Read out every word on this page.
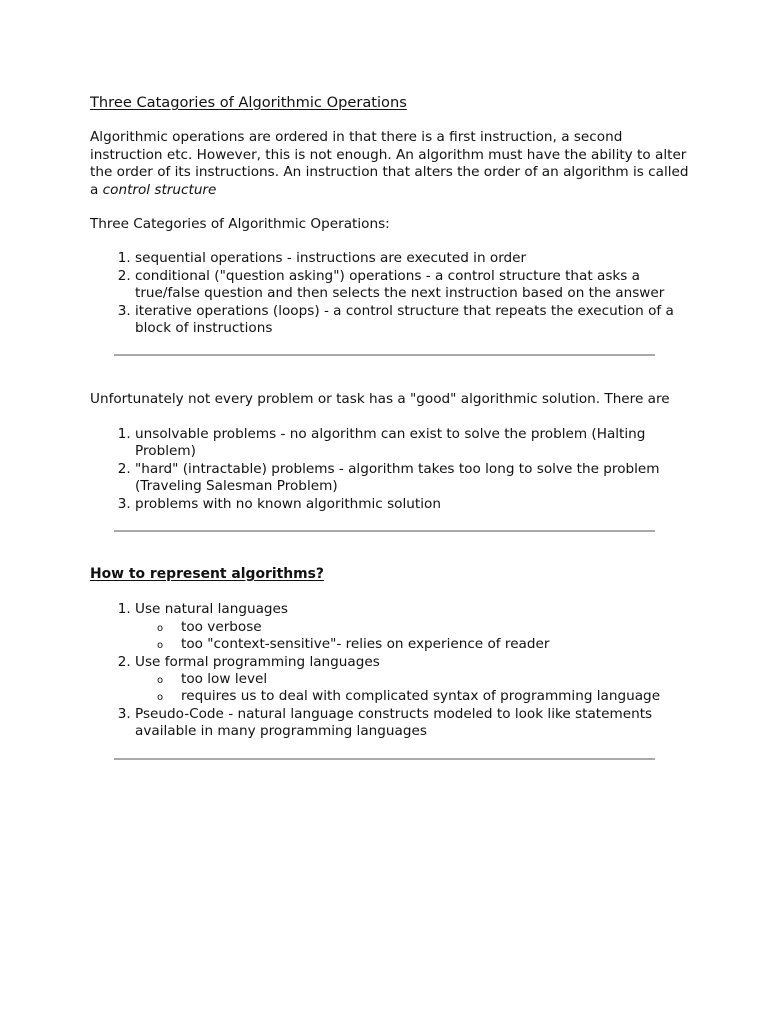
Three Catagories of Algorithmic Operations

Algorithmic operations are ordered in that there is a first instruction, a second instruction etc. However, this is not enough. An algorithm must have the ability to alter the order of its instructions. An instruction that alters the order of an algorithm is called a control structure

Three Categories of Algorithmic Operations:

1. sequential operations - instructions are executed in order
2. conditional ("question asking") operations - a control structure that asks a true/false question and then selects the next instruction based on the answer
3. iterative operations (loops) - a control structure that repeats the execution of a block of instructions

Unfortunately not every problem or task has a "good" algorithmic solution. There are

1. unsolvable problems - no algorithm can exist to solve the problem (Halting Problem)
2. "hard" (intractable) problems - algorithm takes too long to solve the problem (Traveling Salesman Problem)
3. problems with no known algorithmic solution
How to represent algorithms?
1. Use natural languages
o too verbose
o too "context-sensitive"- relies on experience of reader
2. Use formal programming languages
o too low level
o requires us to deal with complicated syntax of programming language
3. Pseudo-Code - natural language constructs modeled to look like statements available in many programming languages
